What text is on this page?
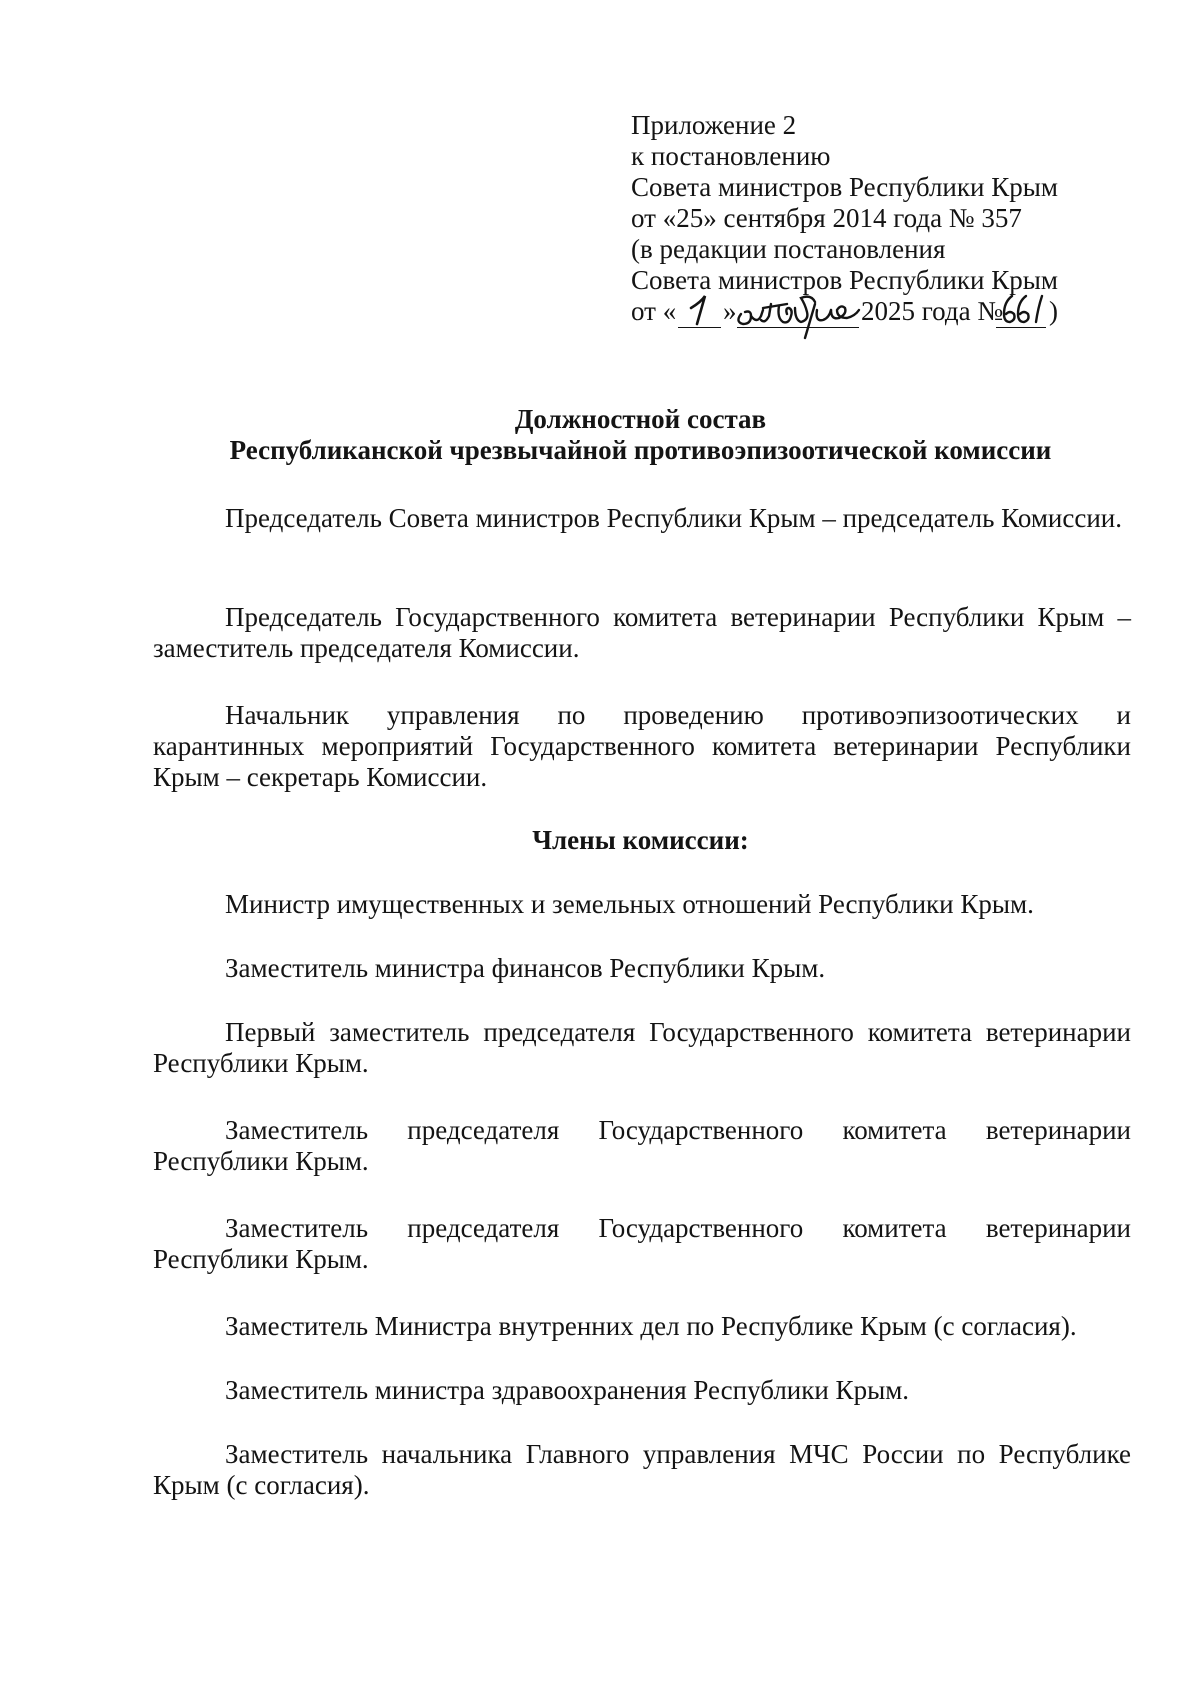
Приложение 2
к постановлению
Совета министров Республики Крым
от «25» сентября 2014 года № 357
(в редакции постановления
Совета министров Республики Крым
от « »	2025 года № )
Должностной состав
Республиканской чрезвычайной противоэпизоотической комиссии
Председатель Совета министров Республики Крым – председатель Комиссии.
Председатель Государственного комитета ветеринарии Республики Крым – заместитель председателя Комиссии.
Начальник управления по проведению противоэпизоотических и карантинных мероприятий Государственного комитета ветеринарии Республики Крым – секретарь Комиссии.
Члены комиссии:
Министр имущественных и земельных отношений Республики Крым.
Заместитель министра финансов Республики Крым.
Первый заместитель председателя Государственного комитета ветеринарии Республики Крым.
Заместитель председателя Государственного комитета ветеринарии Республики Крым.
Заместитель председателя Государственного комитета ветеринарии Республики Крым.
Заместитель Министра внутренних дел по Республике Крым (с согласия).
Заместитель министра здравоохранения Республики Крым.
Заместитель начальника Главного управления МЧС России по Республике Крым (с согласия).
